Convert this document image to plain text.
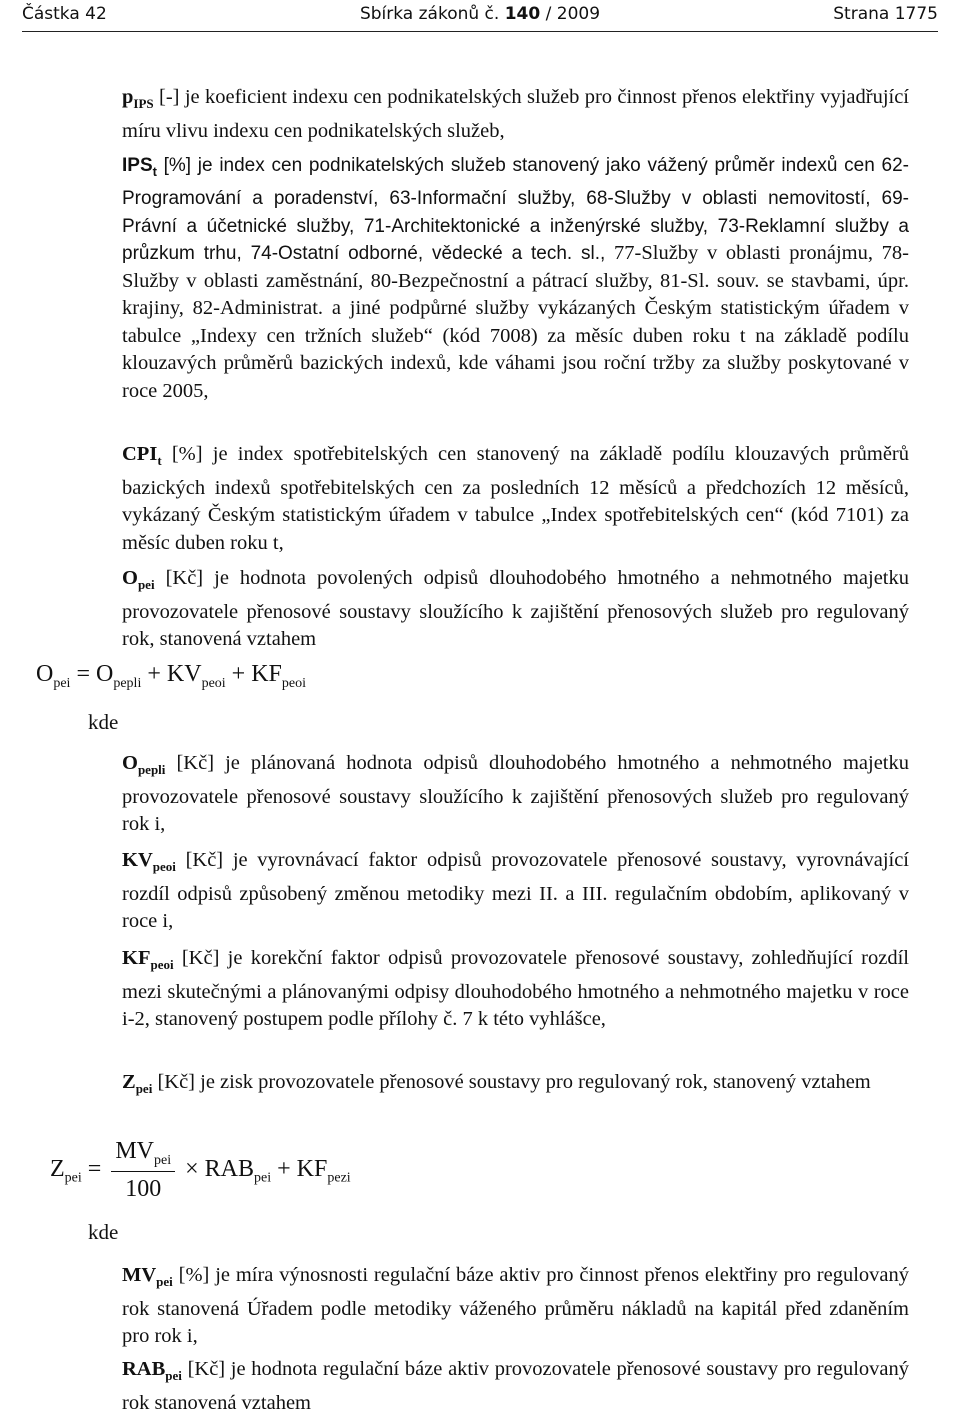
Částka 42	Sbírka zákonů č. 140 / 2009	Strana 1775
$p_{IPS}$ [-] je koeficient indexu cen podnikatelských služeb pro činnost přenos elektřiny vyjadřující míru vlivu indexu cen podnikatelských služeb,
$IPS_t$ [%] je index cen podnikatelských služeb stanovený jako vážený průměr indexů cen 62-Programování a poradenství, 63-Informační služby, 68-Služby v oblasti nemovitostí, 69-Právní a účetnické služby, 71-Architektonické a inženýrské služby, 73-Reklamní služby a průzkum trhu, 74-Ostatní odborné, vědecké a tech. sl., 77-Služby v oblasti pronájmu, 78-Služby v oblasti zaměstnání, 80-Bezpečnostní a pátrací služby, 81-Sl. souv. se stavbami, úpr. krajiny, 82-Administrat. a jiné podpůrné služby vykázaných Českým statistickým úřadem v tabulce „Indexy cen tržních služeb“ (kód 7008) za měsíc duben roku t na základě podílu klouzavých průměrů bazických indexů, kde váhami jsou roční tržby za služby poskytované v roce 2005,
$CPI_t$ [%] je index spotřebitelských cen stanovený na základě podílu klouzavých průměrů bazických indexů spotřebitelských cen za posledních 12 měsíců a předchozích 12 měsíců, vykázaný Českým statistickým úřadem v tabulce „Index spotřebitelských cen“ (kód 7101) za měsíc duben roku t,
$O_{pei}$ [Kč] je hodnota povolených odpisů dlouhodobého hmotného a nehmotného majetku provozovatele přenosové soustavy sloužícího k zajištění přenosových služeb pro regulovaný rok, stanovená vztahem
$O_{pei} = O_{pepli} + KV_{peoi} + KF_{peoi}$
kde
$O_{pepli}$ [Kč] je plánovaná hodnota odpisů dlouhodobého hmotného a nehmotného majetku provozovatele přenosové soustavy sloužícího k zajištění přenosových služeb pro regulovaný rok i,
$KV_{peoi}$ [Kč] je vyrovnávací faktor odpisů provozovatele přenosové soustavy, vyrovnávající rozdíl odpisů způsobený změnou metodiky mezi II. a III. regulačním obdobím, aplikovaný v roce i,
$KF_{peoi}$ [Kč] je korekční faktor odpisů provozovatele přenosové soustavy, zohledňující rozdíl mezi skutečnými a plánovanými odpisy dlouhodobého hmotného a nehmotného majetku v roce i-2, stanovený postupem podle přílohy č. 7 k této vyhlášce,
$Z_{pei}$ [Kč] je zisk provozovatele přenosové soustavy pro regulovaný rok, stanovený vztahem
$Z_{pei} = \frac{MV_{pei}}{100} \times RAB_{pei} + KF_{pezi}$
kde
$MV_{pei}$ [%] je míra výnosnosti regulační báze aktiv pro činnost přenos elektřiny pro regulovaný rok stanovená Úřadem podle metodiky váženého průměru nákladů na kapitál před zdaněním pro rok i,
$RAB_{pei}$ [Kč] je hodnota regulační báze aktiv provozovatele přenosové soustavy pro regulovaný rok stanovená vztahem
